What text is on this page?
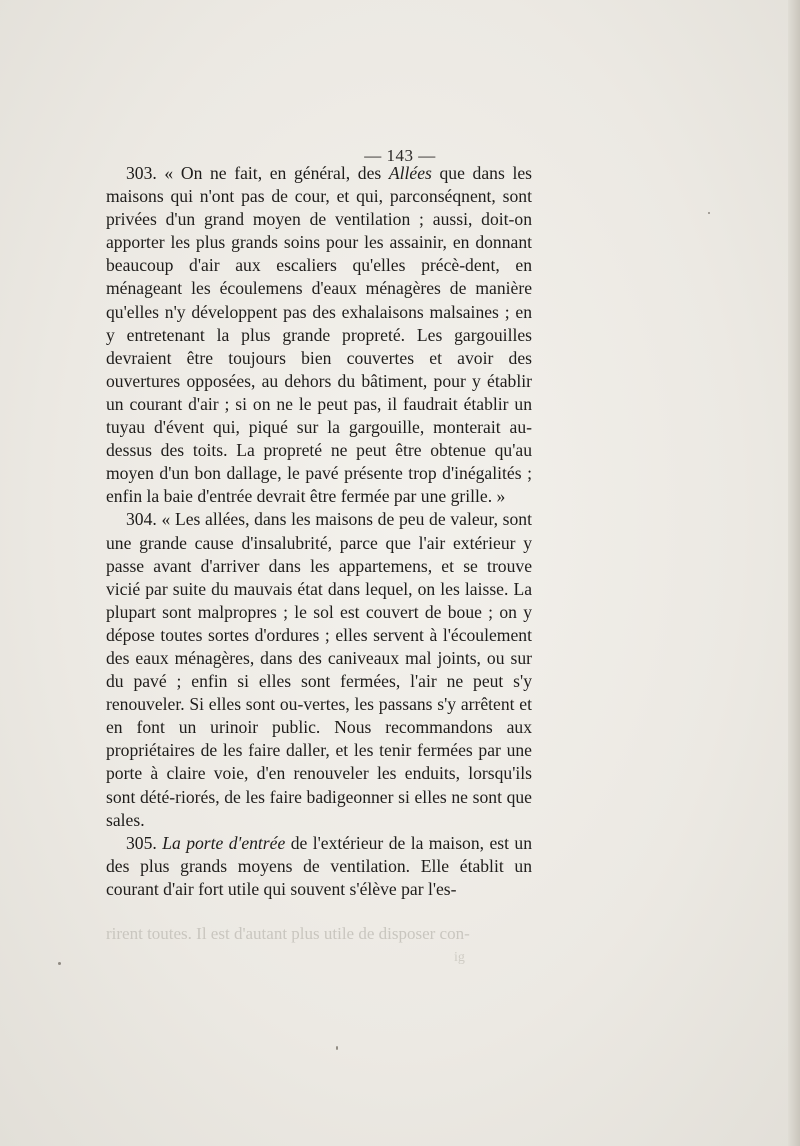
— 143 —

303. « On ne fait, en général, des Allées que dans les maisons qui n'ont pas de cour, et qui, parconséqnent, sont privées d'un grand moyen de ventilation ; aussi, doit-on apporter les plus grands soins pour les assainir, en donnant beaucoup d'air aux escaliers qu'elles précè-dent, en ménageant les écoulemens d'eaux ménagères de manière qu'elles n'y développent pas des exhalaisons malsaines ; en y entretenant la plus grande propreté. Les gargouilles devraient être toujours bien couvertes et avoir des ouvertures opposées, au dehors du bâtiment, pour y établir un courant d'air ; si on ne le peut pas, il faudrait établir un tuyau d'évent qui, piqué sur la gargouille, monterait au-dessus des toits. La propreté ne peut être obtenue qu'au moyen d'un bon dallage, le pavé présente trop d'inégalités ; enfin la baie d'entrée devrait être fermée par une grille. »

304. « Les allées, dans les maisons de peu de valeur, sont une grande cause d'insalubrité, parce que l'air extérieur y passe avant d'arriver dans les appartemens, et se trouve vicié par suite du mauvais état dans lequel, on les laisse. La plupart sont malpropres ; le sol est couvert de boue ; on y dépose toutes sortes d'ordures ; elles servent à l'écoulement des eaux ménagères, dans des caniveaux mal joints, ou sur du pavé ; enfin si elles sont fermées, l'air ne peut s'y renouveler. Si elles sont ou-vertes, les passans s'y arrêtent et en font un urinoir public. Nous recommandons aux propriétaires de les faire daller, et les tenir fermées par une porte à claire voie, d'en renouveler les enduits, lorsqu'ils sont dété-riorés, de les faire badigeonner si elles ne sont que sales.

305. La porte d'entrée de l'extérieur de la maison, est un des plus grands moyens de ventilation. Elle établit un courant d'air fort utile qui souvent s'élève par l'es-

rirent toutes. Il est d'autant plus utile de disposer con-
ig
